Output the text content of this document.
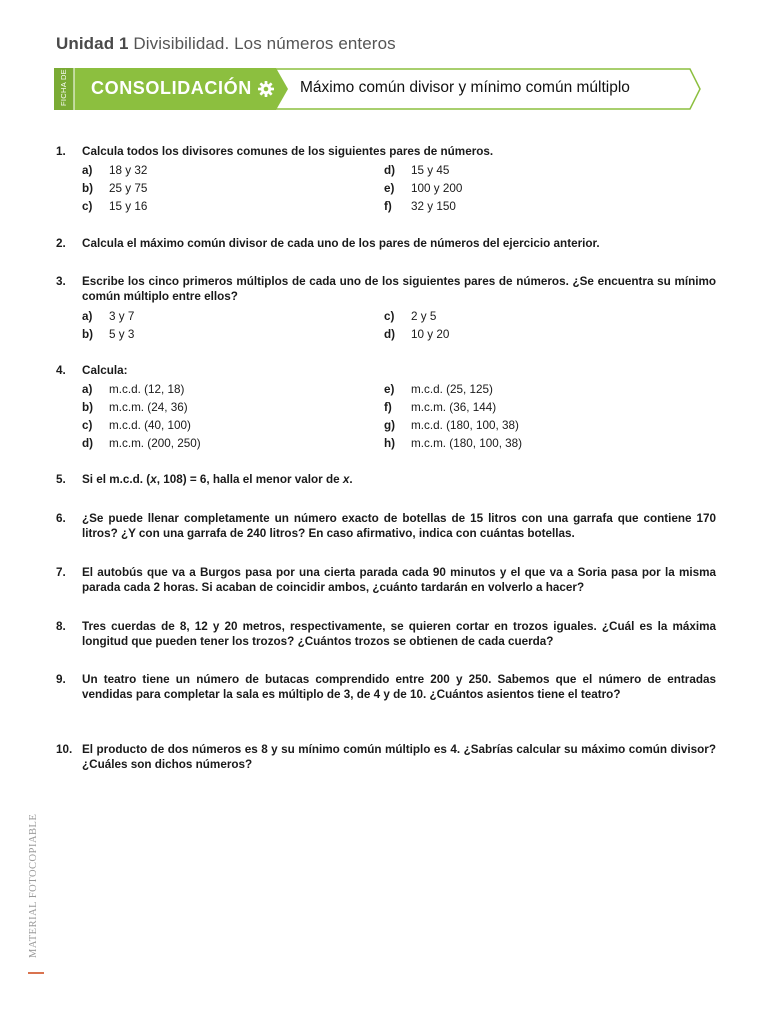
Unidad 1 Divisibilidad. Los números enteros
FICHA DE CONSOLIDACIÓN	Máximo común divisor y mínimo común múltiplo
1. Calcula todos los divisores comunes de los siguientes pares de números.
a) 18 y 32	d) 15 y 45
b) 25 y 75	e) 100 y 200
c) 15 y 16	f) 32 y 150
2. Calcula el máximo común divisor de cada uno de los pares de números del ejercicio anterior.
3. Escribe los cinco primeros múltiplos de cada uno de los siguientes pares de números. ¿Se encuentra su mínimo común múltiplo entre ellos?
a) 3 y 7	c) 2 y 5
b) 5 y 3	d) 10 y 20
4. Calcula:
a) m.c.d. (12, 18)	e) m.c.d. (25, 125)
b) m.c.m. (24, 36)	f) m.c.m. (36, 144)
c) m.c.d. (40, 100)	g) m.c.d. (180, 100, 38)
d) m.c.m. (200, 250)	h) m.c.m. (180, 100, 38)
5. Si el m.c.d. (x, 108) = 6, halla el menor valor de x.
6. ¿Se puede llenar completamente un número exacto de botellas de 15 litros con una garrafa que contiene 170 litros? ¿Y con una garrafa de 240 litros? En caso afirmativo, indica con cuántas botellas.
7. El autobús que va a Burgos pasa por una cierta parada cada 90 minutos y el que va a Soria pasa por la misma parada cada 2 horas. Si acaban de coincidir ambos, ¿cuánto tardarán en volverlo a hacer?
8. Tres cuerdas de 8, 12 y 20 metros, respectivamente, se quieren cortar en trozos iguales. ¿Cuál es la máxima longitud que pueden tener los trozos? ¿Cuántos trozos se obtienen de cada cuerda?
9. Un teatro tiene un número de butacas comprendido entre 200 y 250. Sabemos que el número de entradas vendidas para completar la sala es múltiplo de 3, de 4 y de 10. ¿Cuántos asientos tiene el teatro?
10. El producto de dos números es 8 y su mínimo común múltiplo es 4. ¿Sabrías calcular su máximo común divisor? ¿Cuáles son dichos números?
MATERIAL FOTOCOPIABLE
